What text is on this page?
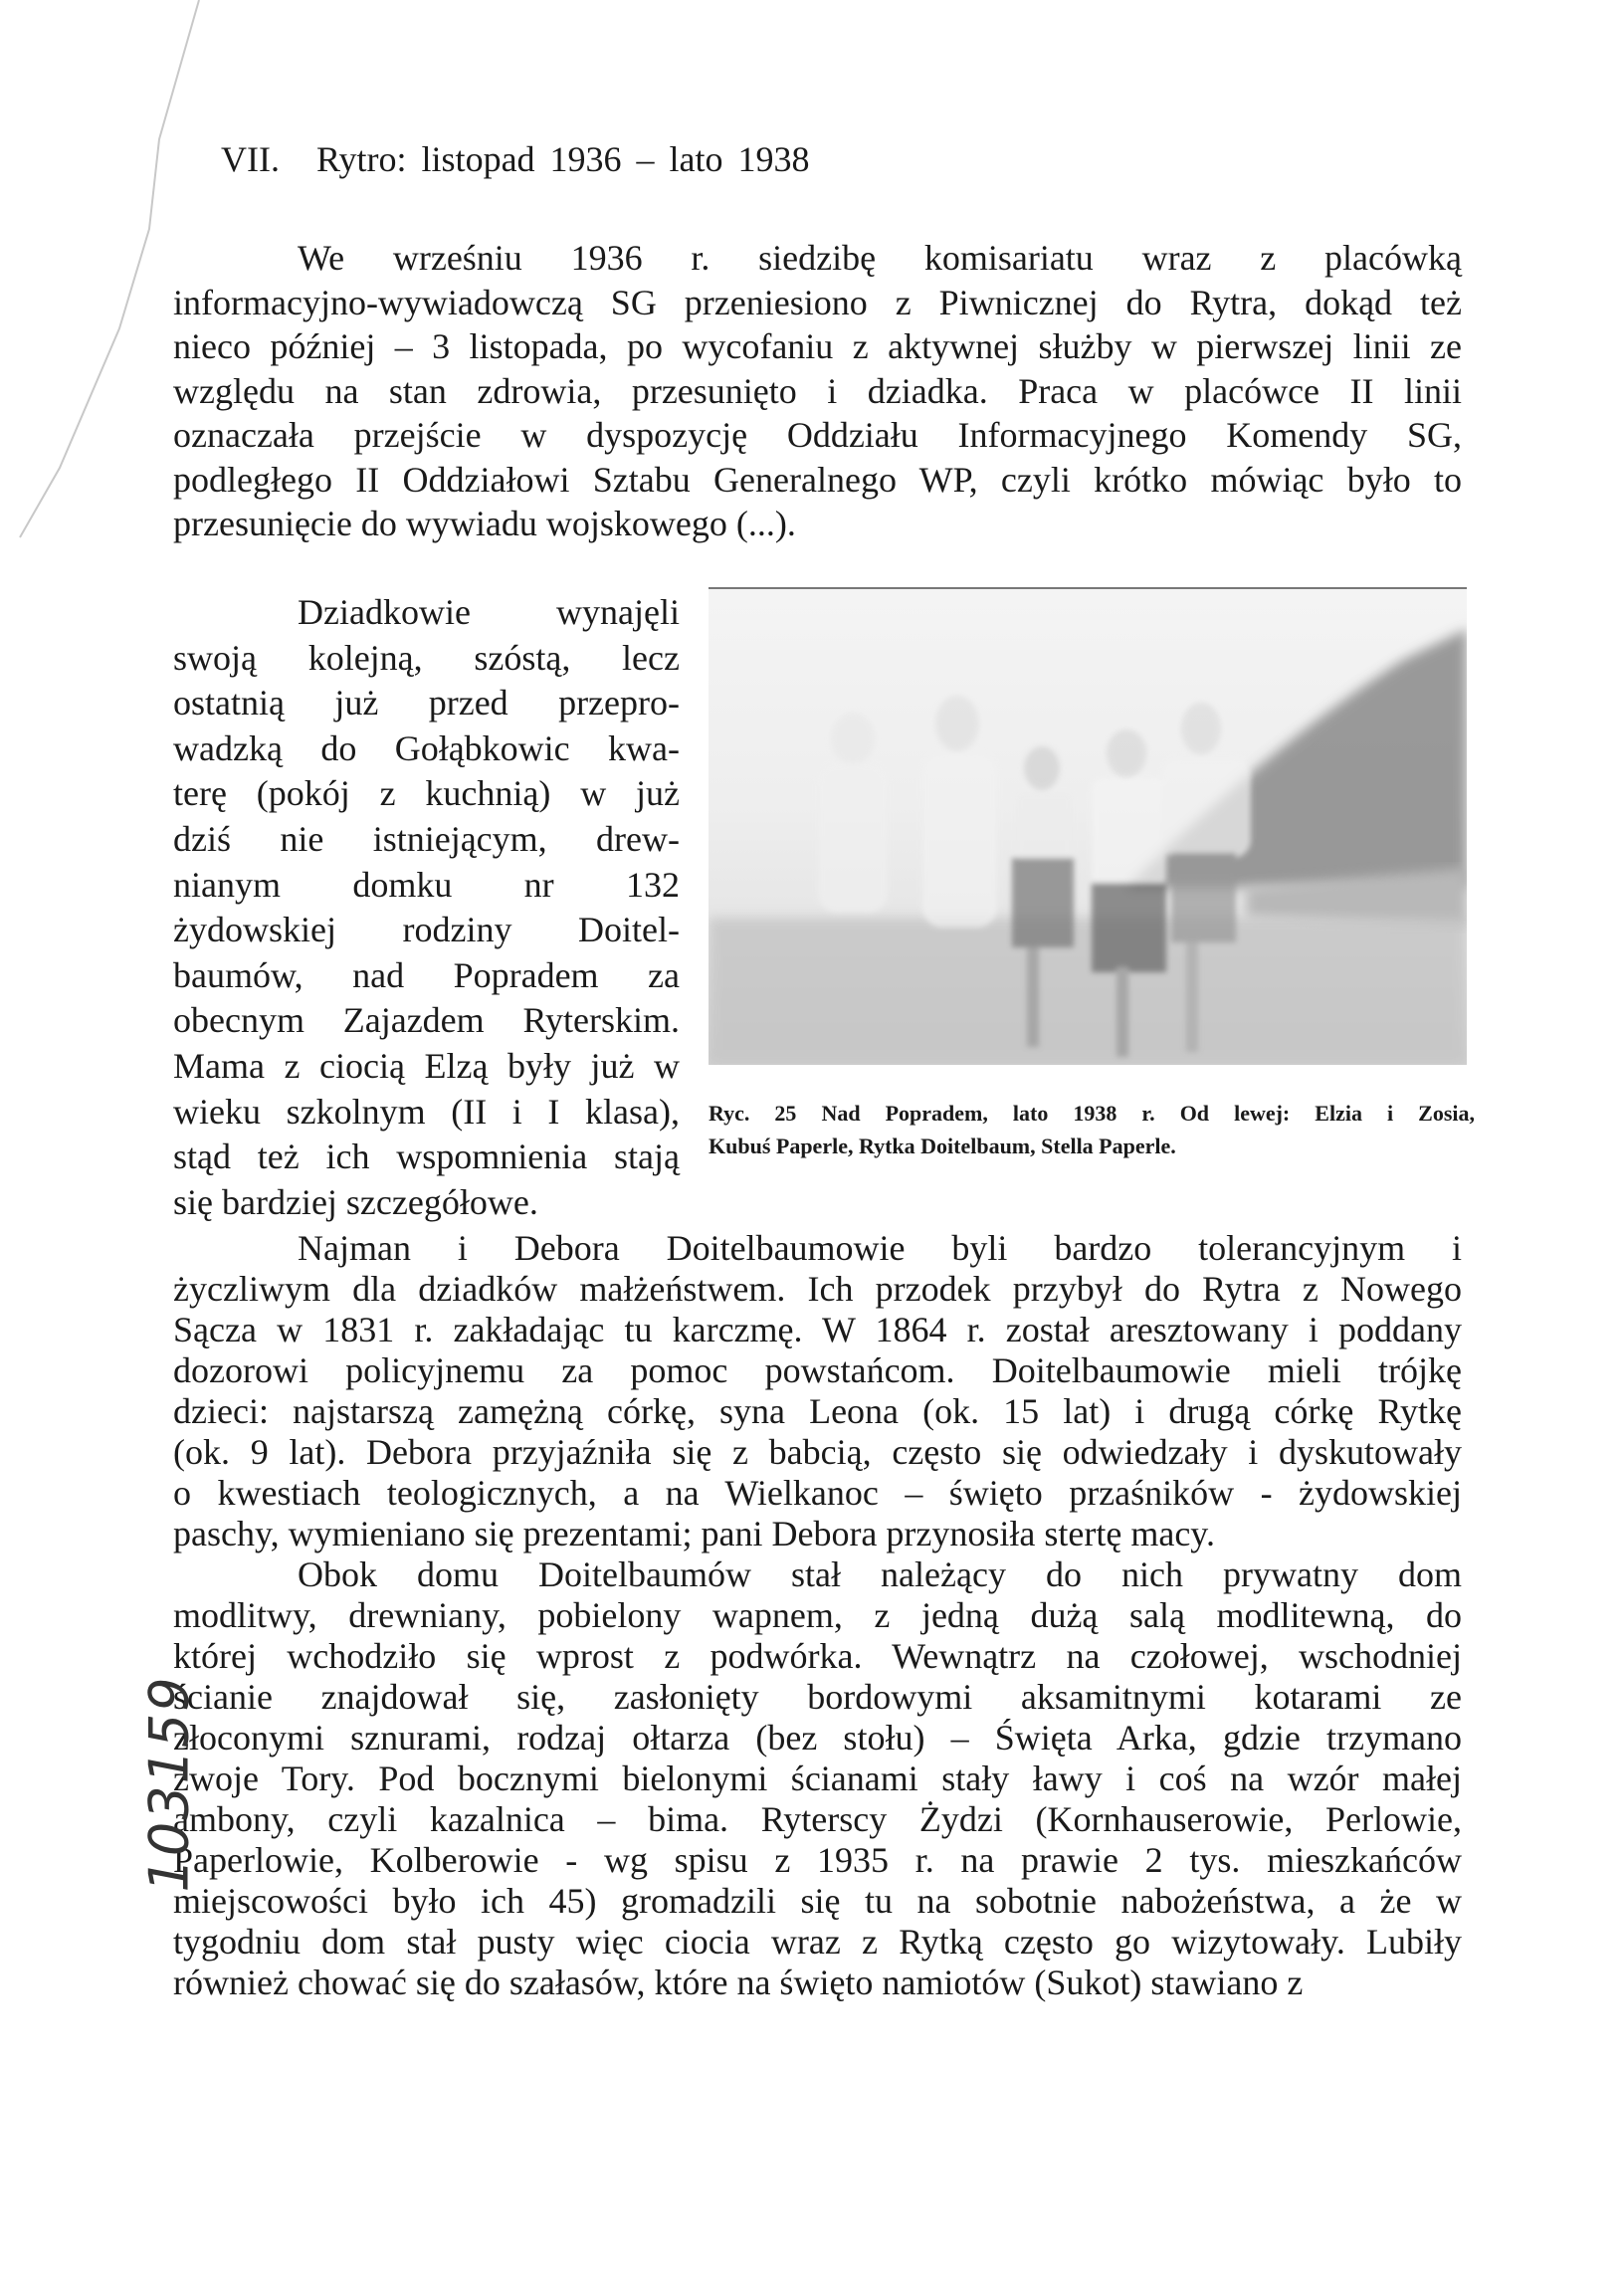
VII. Rytro: listopad 1936 – lato 1938
We wrześniu 1936 r. siedzibę komisariatu wraz z placówką
informacyjno-wywiadowczą SG przeniesiono z Piwnicznej do Rytra, dokąd też
nieco później – 3 listopada, po wycofaniu z aktywnej służby w pierwszej linii ze
względu na stan zdrowia, przesunięto i dziadka. Praca w placówce II linii
oznaczała przejście w dyspozycję Oddziału Informacyjnego Komendy SG,
podległego II Oddziałowi Sztabu Generalnego WP, czyli krótko mówiąc było to
przesunięcie do wywiadu wojskowego (...).
Dziadkowie wynajęli
swoją kolejną, szóstą, lecz
ostatnią już przed przepro-
wadzką do Gołąbkowic kwa-
terę (pokój z kuchnią) w już
dziś nie istniejącym, drew-
nianym domku nr 132
żydowskiej rodziny Doitel-
baumów, nad Popradem za
obecnym Zajazdem Ryterskim.
Mama z ciocią Elzą były już w
wieku szkolnym (II i I klasa),
stąd też ich wspomnienia stają
się bardziej szczegółowe.
Ryc. 25 Nad Popradem, lato 1938 r. Od lewej: Elzia i Zosia,
Kubuś Paperle, Rytka Doitelbaum, Stella Paperle.
Najman i Debora Doitelbaumowie byli bardzo tolerancyjnym i
życzliwym dla dziadków małżeństwem. Ich przodek przybył do Rytra z Nowego
Sącza w 1831 r. zakładając tu karczmę. W 1864 r. został aresztowany i poddany
dozorowi policyjnemu za pomoc powstańcom. Doitelbaumowie mieli trójkę
dzieci: najstarszą zamężną córkę, syna Leona (ok. 15 lat) i drugą córkę Rytkę
(ok. 9 lat). Debora przyjaźniła się z babcią, często się odwiedzały i dyskutowały
o kwestiach teologicznych, a na Wielkanoc – święto przaśników - żydowskiej
paschy, wymieniano się prezentami; pani Debora przynosiła stertę macy.
Obok domu Doitelbaumów stał należący do nich prywatny dom
modlitwy, drewniany, pobielony wapnem, z jedną dużą salą modlitewną, do
której wchodziło się wprost z podwórka. Wewnątrz na czołowej, wschodniej
ścianie znajdował się, zasłonięty bordowymi aksamitnymi kotarami ze
złoconymi sznurami, rodzaj ołtarza (bez stołu) – Święta Arka, gdzie trzymano
zwoje Tory. Pod bocznymi bielonymi ścianami stały ławy i coś na wzór małej
ambony, czyli kazalnica – bima. Ryterscy Żydzi (Kornhauserowie, Perlowie,
Paperlowie, Kolberowie - wg spisu z 1935 r. na prawie 2 tys. mieszkańców
miejscowości było ich 45) gromadzili się tu na sobotnie nabożeństwa, a że w
tygodniu dom stał pusty więc ciocia wraz z Rytką często go wizytowały. Lubiły
również chować się do szałasów, które na święto namiotów (Sukot) stawiano z
103159
